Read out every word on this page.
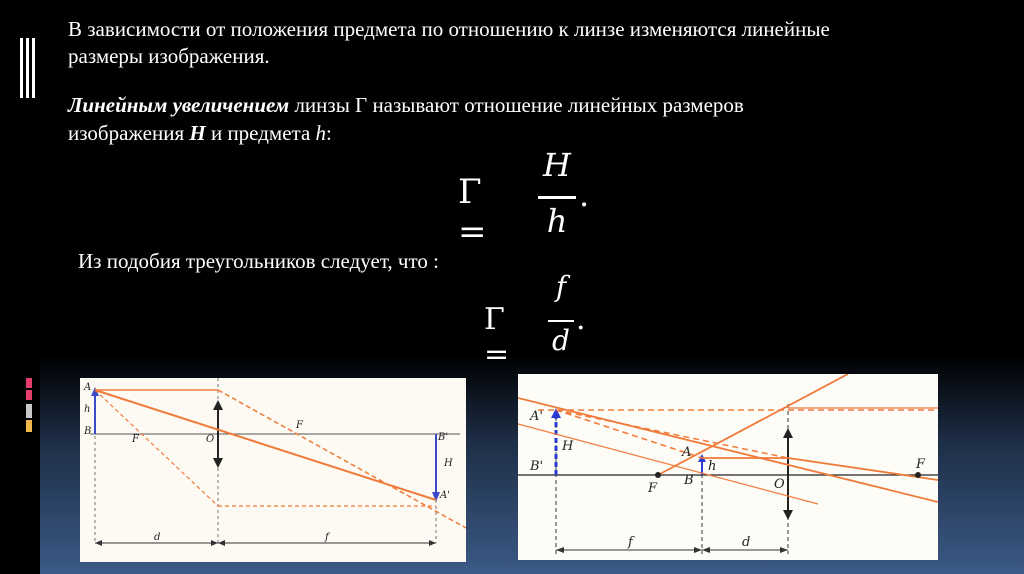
В зависимости от положения предмета по отношению к линзе изменяются линейные
размеры изображения.
Линейным увеличением линзы Г называют отношение линейных размеров
изображения H и предмета h:
Γ =
H
h
.
Из подобия треугольников следует, что :
Γ =
f
d
.
A
h
B
F	O
F
B'
H
A'
d	f
A'
H
B'
A
h
F
B	O
F
f	d
